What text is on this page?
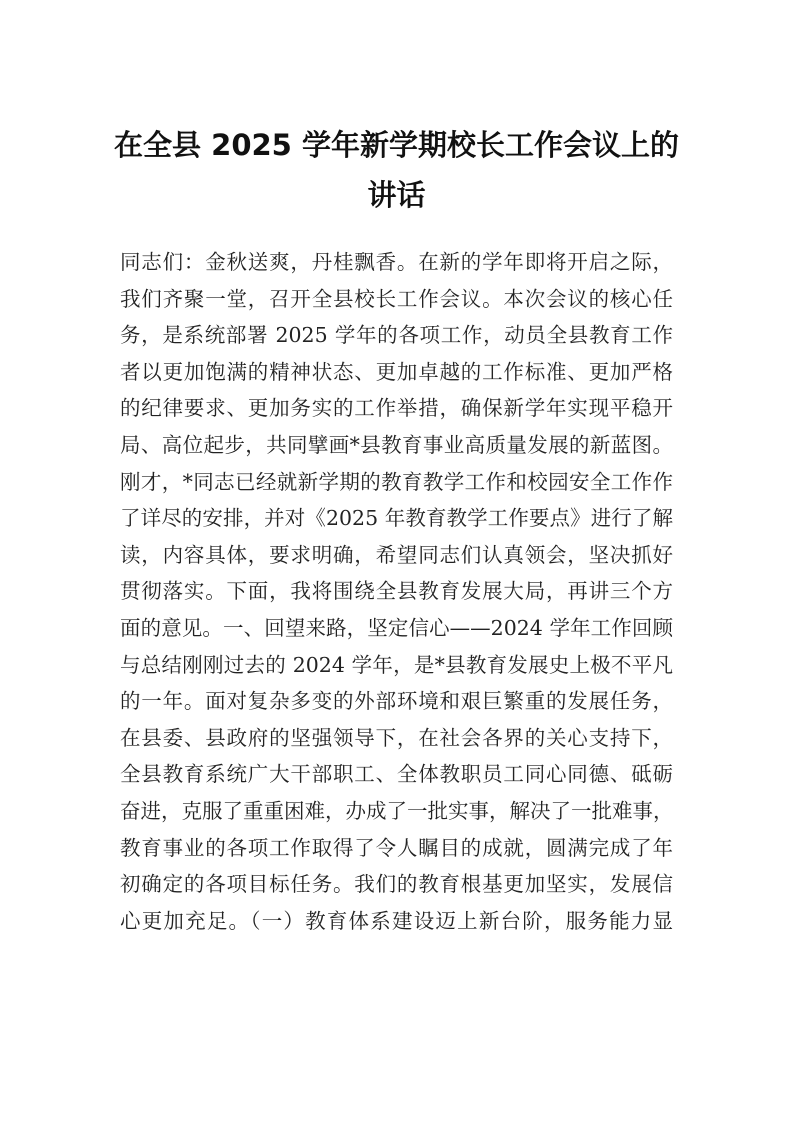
在全县 2025 学年新学期校长工作会议上的
讲话

同志们：金秋送爽，丹桂飘香。在新的学年即将开启之际，

我们齐聚一堂，召开全县校长工作会议。本次会议的核心任

务，是系统部署 2025 学年的各项工作，动员全县教育工作

者以更加饱满的精神状态、更加卓越的工作标准、更加严格

的纪律要求、更加务实的工作举措，确保新学年实现平稳开

局、高位起步，共同擘画*县教育事业高质量发展的新蓝图。

刚才，*同志已经就新学期的教育教学工作和校园安全工作作

了详尽的安排，并对《2025 年教育教学工作要点》进行了解

读，内容具体，要求明确，希望同志们认真领会，坚决抓好

贯彻落实。下面，我将围绕全县教育发展大局，再讲三个方

面的意见。一、回望来路，坚定信心——2024 学年工作回顾

与总结刚刚过去的 2024 学年，是*县教育发展史上极不平凡

的一年。面对复杂多变的外部环境和艰巨繁重的发展任务，

在县委、县政府的坚强领导下，在社会各界的关心支持下，

全县教育系统广大干部职工、全体教职员工同心同德、砥砺

奋进，克服了重重困难，办成了一批实事，解决了一批难事，

教育事业的各项工作取得了令人瞩目的成就，圆满完成了年

初确定的各项目标任务。我们的教育根基更加坚实，发展信

心更加充足。（一）教育体系建设迈上新台阶，服务能力显
